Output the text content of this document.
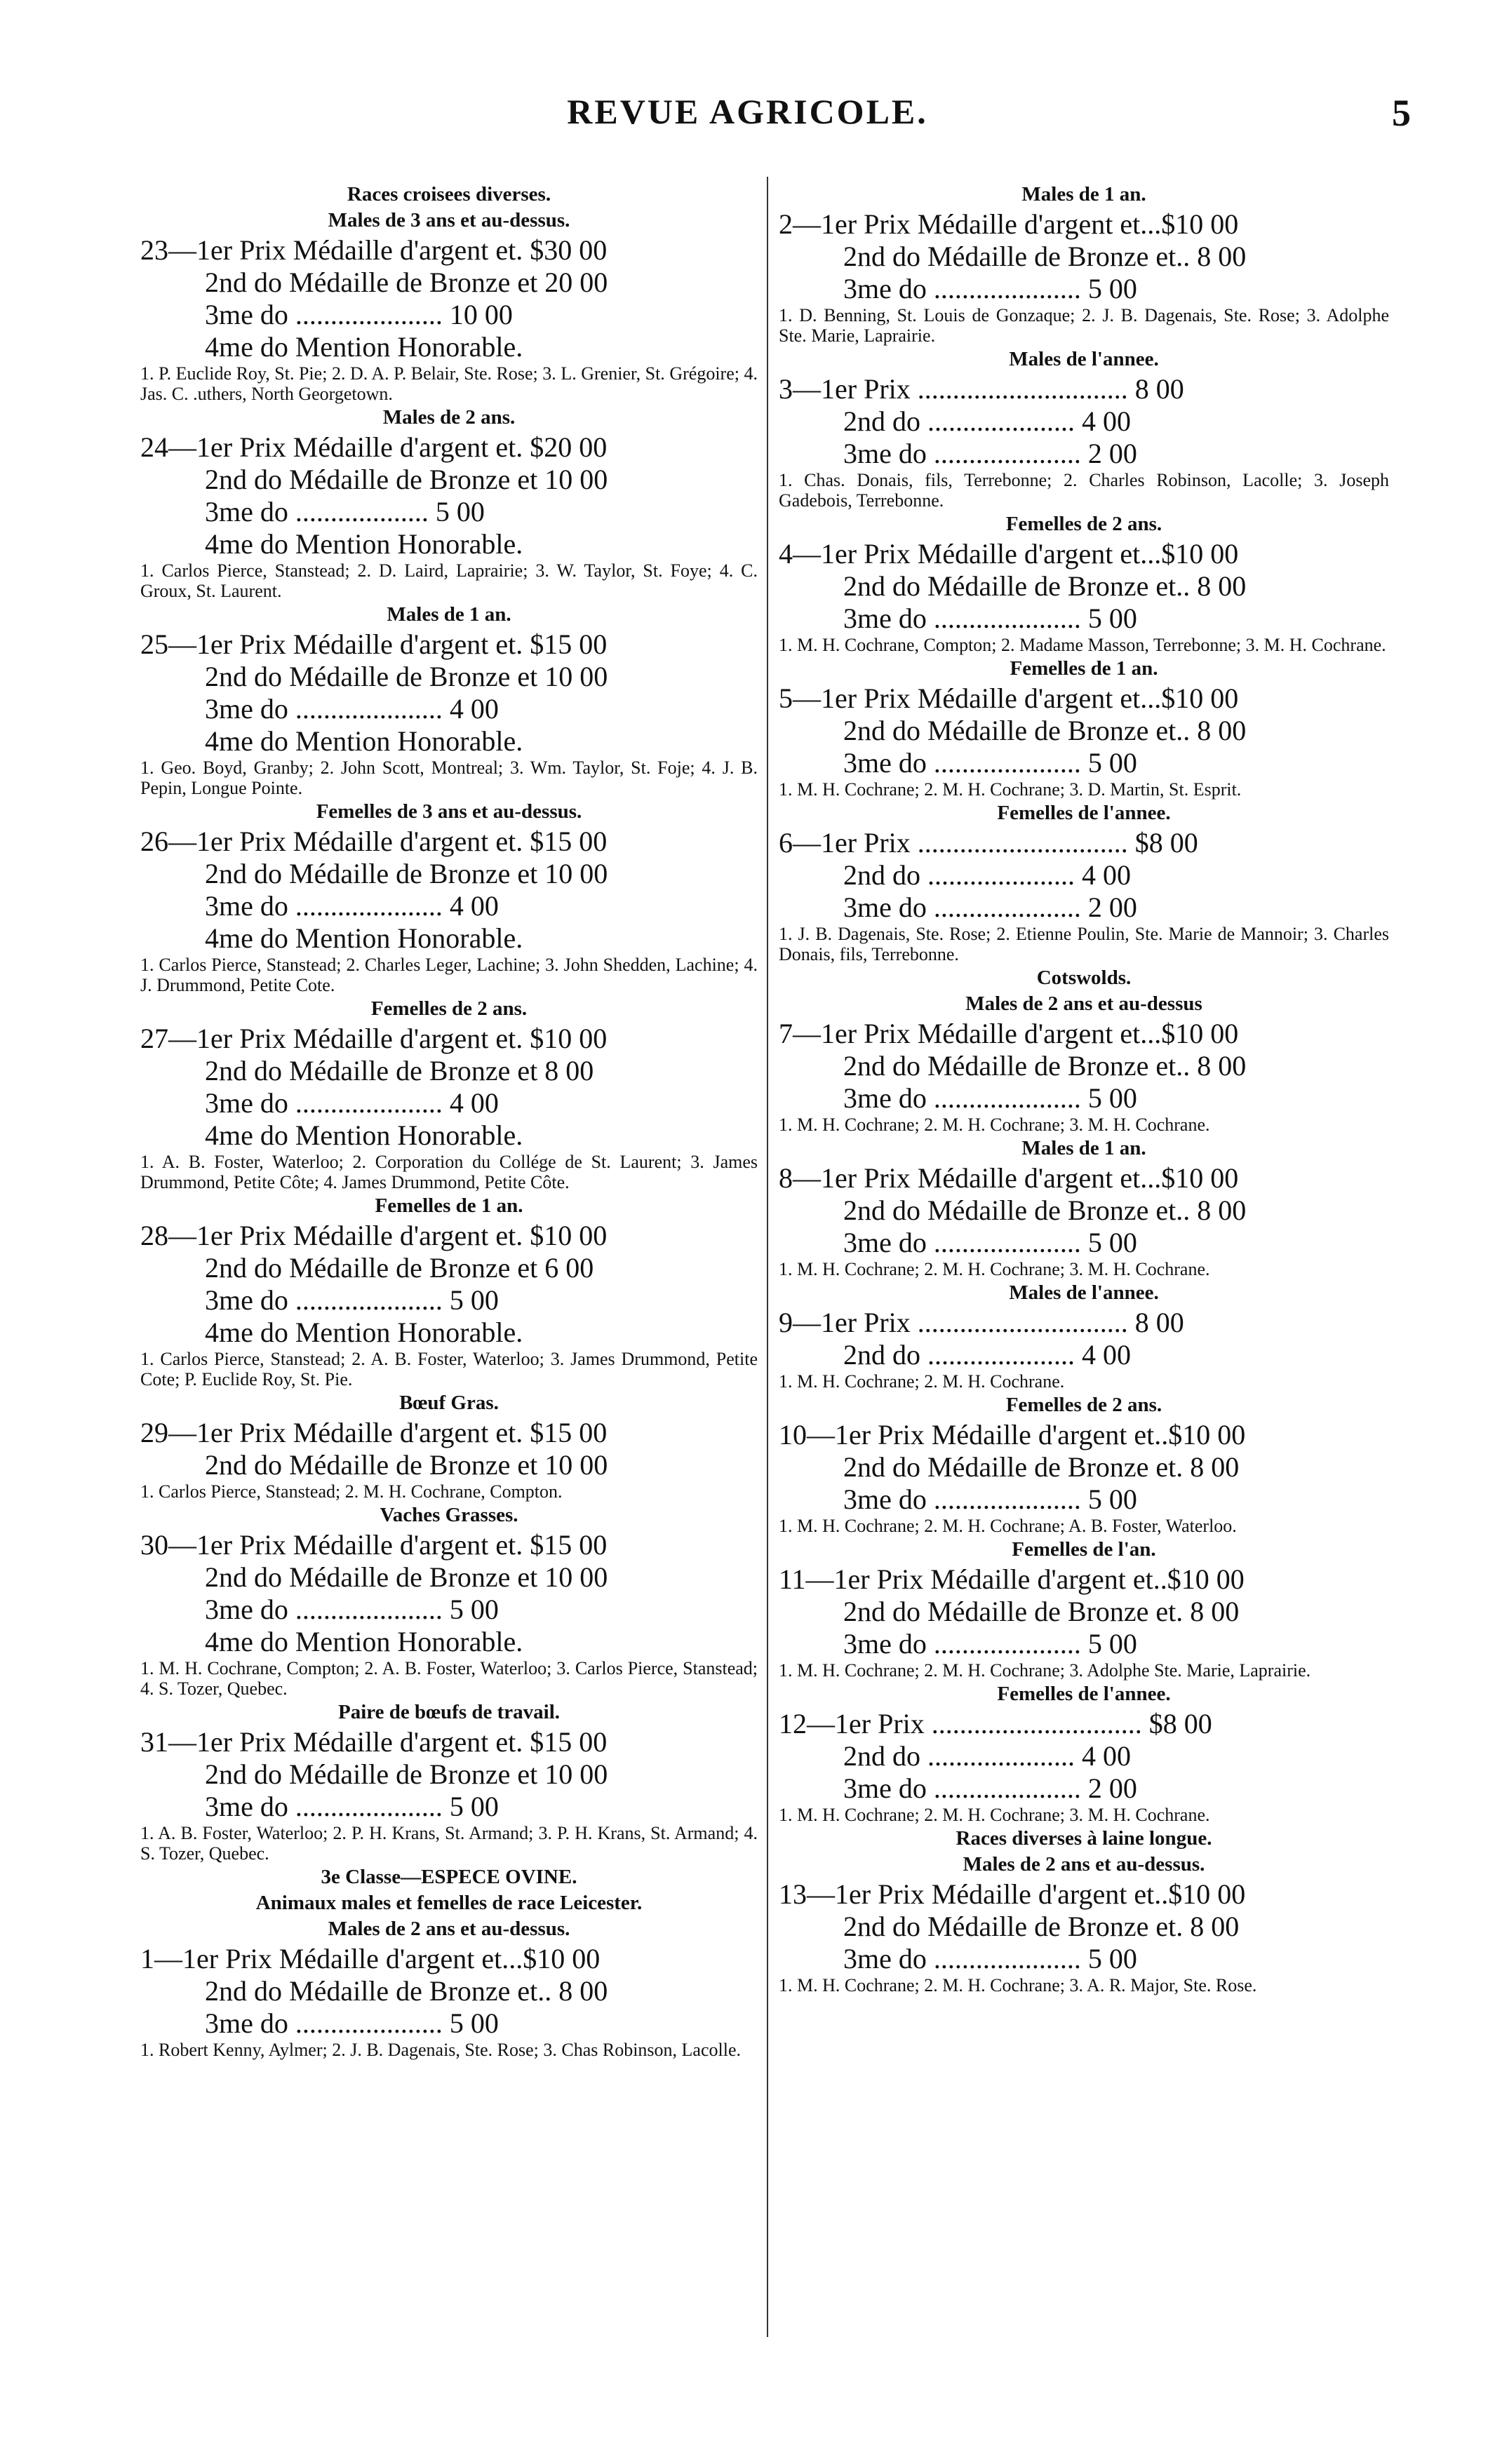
REVUE AGRICOLE.	5
Races croisees diverses.
Males de 3 ans et au-dessus.
23—1er Prix Médaille d'argent et. $30 00
2nd do Médaille de Bronze et 20 00
3me do ..................... 10 00
4me do Mention Honorable.
1. P. Euclide Roy, St. Pie; 2. D. A. P. Belair, Ste. Rose; 3. L. Grenier, St. Grégoire; 4. Jas. C. .uthers, North Georgetown.
Males de 2 ans.
24—1er Prix Médaille d'argent et. $20 00
2nd do Médaille de Bronze et 10 00
3me do ................... 5 00
4me do Mention Honorable.
1. Carlos Pierce, Stanstead; 2. D. Laird, Laprairie; 3. W. Taylor, St. Foye; 4. C. Groux, St. Laurent.
Males de 1 an.
25—1er Prix Médaille d'argent et. $15 00
2nd do Médaille de Bronze et 10 00
3me do ..................... 4 00
4me do Mention Honorable.
1. Geo. Boyd, Granby; 2. John Scott, Montreal; 3. Wm. Taylor, St. Foje; 4. J. B. Pepin, Longue Pointe.
Femelles de 3 ans et au-dessus.
26—1er Prix Médaille d'argent et. $15 00
2nd do Médaille de Bronze et 10 00
3me do ..................... 4 00
4me do Mention Honorable.
1. Carlos Pierce, Stanstead; 2. Charles Leger, Lachine; 3. John Shedden, Lachine; 4. J. Drummond, Petite Cote.
Femelles de 2 ans.
27—1er Prix Médaille d'argent et. $10 00
2nd do Médaille de Bronze et 8 00
3me do ..................... 4 00
4me do Mention Honorable.
1. A. B. Foster, Waterloo; 2. Corporation du Collége de St. Laurent; 3. James Drummond, Petite Côte; 4. James Drummond, Petite Côte.
Femelles de 1 an.
28—1er Prix Médaille d'argent et. $10 00
2nd do Médaille de Bronze et 6 00
3me do ..................... 5 00
4me do Mention Honorable.
1. Carlos Pierce, Stanstead; 2. A. B. Foster, Waterloo; 3. James Drummond, Petite Cote; P. Euclide Roy, St. Pie.
Bœuf Gras.
29—1er Prix Médaille d'argent et. $15 00
2nd do Médaille de Bronze et 10 00
1. Carlos Pierce, Stanstead; 2. M. H. Cochrane, Compton.
Vaches Grasses.
30—1er Prix Médaille d'argent et. $15 00
2nd do Médaille de Bronze et 10 00
3me do ..................... 5 00
4me do Mention Honorable.
1. M. H. Cochrane, Compton; 2. A. B. Foster, Waterloo; 3. Carlos Pierce, Stanstead; 4. S. Tozer, Quebec.
Paire de bœufs de travail.
31—1er Prix Médaille d'argent et. $15 00
2nd do Médaille de Bronze et 10 00
3me do ..................... 5 00
1. A. B. Foster, Waterloo; 2. P. H. Krans, St. Armand; 3. P. H. Krans, St. Armand; 4. S. Tozer, Quebec.
3e Classe—ESPECE OVINE.
Animaux males et femelles de race Leicester.
Males de 2 ans et au-dessus.
1—1er Prix Médaille d'argent et...$10 00
2nd do Médaille de Bronze et.. 8 00
3me do ..................... 5 00
1. Robert Kenny, Aylmer; 2. J. B. Dagenais, Ste. Rose; 3. Chas Robinson, Lacolle.
Males de 1 an.
2—1er Prix Médaille d'argent et...$10 00
2nd do Médaille de Bronze et.. 8 00
3me do ..................... 5 00
1. D. Benning, St. Louis de Gonzaque; 2. J. B. Dagenais, Ste. Rose; 3. Adolphe Ste. Marie, Laprairie.
Males de l'annee.
3—1er Prix .............................. 8 00
2nd do ..................... 4 00
3me do ..................... 2 00
1. Chas. Donais, fils, Terrebonne; 2. Charles Robinson, Lacolle; 3. Joseph Gadebois, Terrebonne.
Femelles de 2 ans.
4—1er Prix Médaille d'argent et...$10 00
2nd do Médaille de Bronze et.. 8 00
3me do ..................... 5 00
1. M. H. Cochrane, Compton; 2. Madame Masson, Terrebonne; 3. M. H. Cochrane.
Femelles de 1 an.
5—1er Prix Médaille d'argent et...$10 00
2nd do Médaille de Bronze et.. 8 00
3me do ..................... 5 00
1. M. H. Cochrane; 2. M. H. Cochrane; 3. D. Martin, St. Esprit.
Femelles de l'annee.
6—1er Prix .............................. $8 00
2nd do ..................... 4 00
3me do ..................... 2 00
1. J. B. Dagenais, Ste. Rose; 2. Etienne Poulin, Ste. Marie de Mannoir; 3. Charles Donais, fils, Terrebonne.
Cotswolds.
Males de 2 ans et au-dessus
7—1er Prix Médaille d'argent et...$10 00
2nd do Médaille de Bronze et.. 8 00
3me do ..................... 5 00
1. M. H. Cochrane; 2. M. H. Cochrane; 3. M. H. Cochrane.
Males de 1 an.
8—1er Prix Médaille d'argent et...$10 00
2nd do Médaille de Bronze et.. 8 00
3me do ..................... 5 00
1. M. H. Cochrane; 2. M. H. Cochrane; 3. M. H. Cochrane.
Males de l'annee.
9—1er Prix .............................. 8 00
2nd do ..................... 4 00
1. M. H. Cochrane; 2. M. H. Cochrane.
Femelles de 2 ans.
10—1er Prix Médaille d'argent et..$10 00
2nd do Médaille de Bronze et. 8 00
3me do ..................... 5 00
1. M. H. Cochrane; 2. M. H. Cochrane; A. B. Foster, Waterloo.
Femelles de l'an.
11—1er Prix Médaille d'argent et..$10 00
2nd do Médaille de Bronze et. 8 00
3me do ..................... 5 00
1. M. H. Cochrane; 2. M. H. Cochrane; 3. Adolphe Ste. Marie, Laprairie.
Femelles de l'annee.
12—1er Prix .............................. $8 00
2nd do ..................... 4 00
3me do ..................... 2 00
1. M. H. Cochrane; 2. M. H. Cochrane; 3. M. H. Cochrane.
Races diverses à laine longue.
Males de 2 ans et au-dessus.
13—1er Prix Médaille d'argent et..$10 00
2nd do Médaille de Bronze et. 8 00
3me do ..................... 5 00
1. M. H. Cochrane; 2. M. H. Cochrane; 3. A. R. Major, Ste. Rose.
